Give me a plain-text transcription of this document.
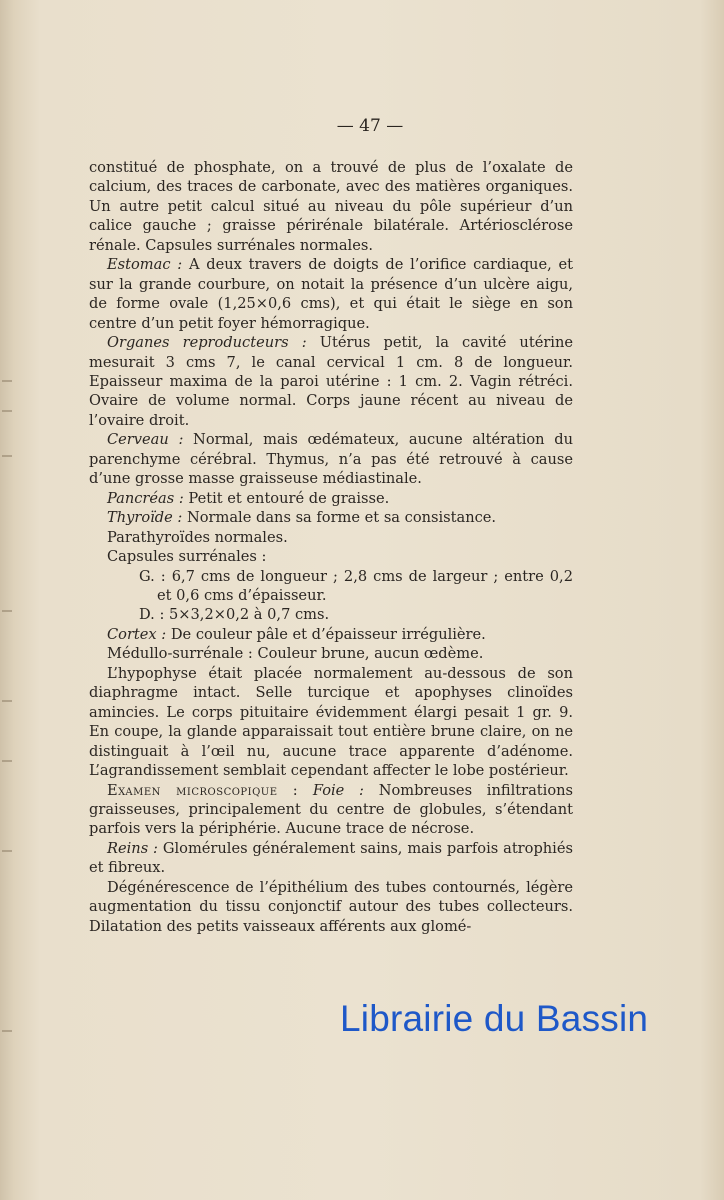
— 47 —

constitué de phosphate, on a trouvé de plus de l’oxalate de calcium, des traces de carbonate, avec des matières organiques. Un autre petit calcul situé au niveau du pôle supérieur d’un calice gauche ; graisse périrénale bilatérale. Artériosclérose rénale. Capsules surrénales normales.

Estomac : A deux travers de doigts de l’orifice cardiaque, et sur la grande courbure, on notait la présence d’un ulcère aigu, de forme ovale (1,25×0,6 cms), et qui était le siège en son centre d’un petit foyer hémorragique.

Organes reproducteurs : Utérus petit, la cavité utérine mesurait 3 cms 7, le canal cervical 1 cm. 8 de longueur. Epaisseur maxima de la paroi utérine : 1 cm. 2. Vagin rétréci. Ovaire de volume normal. Corps jaune récent au niveau de l’ovaire droit.

Cerveau : Normal, mais œdémateux, aucune altération du parenchyme cérébral. Thymus, n’a pas été retrouvé à cause d’une grosse masse graisseuse médiastinale.

Pancréas : Petit et entouré de graisse.

Thyroïde : Normale dans sa forme et sa consistance.

Parathyroïdes normales.

Capsules surrénales :

G. : 6,7 cms de longueur ; 2,8 cms de largeur ; entre 0,2 et 0,6 cms d’épaisseur.

D. : 5×3,2×0,2 à 0,7 cms.

Cortex : De couleur pâle et d’épaisseur irrégulière.

Médullo-surrénale : Couleur brune, aucun œdème.

L’hypophyse était placée normalement au-dessous de son diaphragme intact. Selle turcique et apophyses clinoïdes amincies. Le corps pituitaire évidemment élargi pesait 1 gr. 9. En coupe, la glande apparaissait tout entière brune claire, on ne distinguait à l’œil nu, aucune trace apparente d’adénome. L’agrandissement semblait cependant affecter le lobe postérieur.

Examen microscopique : Foie : Nombreuses infiltrations graisseuses, principalement du centre de globules, s’étendant parfois vers la périphérie. Aucune trace de nécrose.

Reins : Glomérules généralement sains, mais parfois atrophiés et fibreux.

Dégénérescence de l’épithélium des tubes contournés, légère augmentation du tissu conjonctif autour des tubes collecteurs. Dilatation des petits vaisseaux afférents aux glomé-

Librairie du Bassin
